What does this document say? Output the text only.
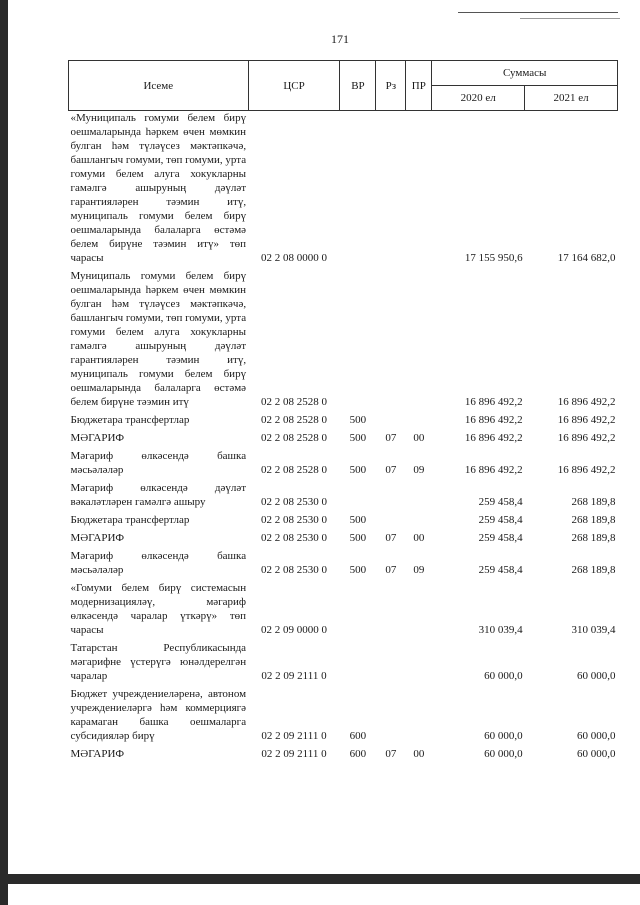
171
Исеме	ЦСР	ВР	Рз	ПР	Суммасы	
					2020 ел	2021 ел
«Муниципаль гомуми белем бирү оешмаларында һәркем өчен мөмкин булган һәм түләүсез мәктәпкәчә, башлангыч гомуми, төп гомуми, урта гомуми белем алуга хокукларны гамәлгә ашыруның дәүләт гарантияләрен тәэмин итү, муниципаль гомуми белем бирү оешмаларында балаларга өстәмә белем бирүне тәэмин итү» төп чарасы	02 2 08 0000 0				17 155 950,6	17 164 682,0
Муниципаль гомуми белем бирү оешмаларында һәркем өчен мөмкин булган һәм түләүсез мәктәпкәчә, башлангыч гомуми, төп гомуми, урта гомуми белем алуга хокукларны гамәлгә ашыруның дәүләт гарантияләрен тәэмин итү, муниципаль гомуми белем бирү оешмаларында балаларга өстәмә белем бирүне тәэмин итү	02 2 08 2528 0				16 896 492,2	16 896 492,2
Бюджетара трансфертлар	02 2 08 2528 0	500			16 896 492,2	16 896 492,2
МӘГАРИФ	02 2 08 2528 0	500	07	00	16 896 492,2	16 896 492,2
Мәгариф өлкәсендә башка мәсьәләләр	02 2 08 2528 0	500	07	09	16 896 492,2	16 896 492,2
Мәгариф өлкәсендә дәүләт вәкаләтләрен гамәлгә ашыру	02 2 08 2530 0				259 458,4	268 189,8
Бюджетара трансфертлар	02 2 08 2530 0	500			259 458,4	268 189,8
МӘГАРИФ	02 2 08 2530 0	500	07	00	259 458,4	268 189,8
Мәгариф өлкәсендә башка мәсьәләләр	02 2 08 2530 0	500	07	09	259 458,4	268 189,8
«Гомуми белем бирү системасын модернизацияләү, мәгариф өлкәсендә чаралар үткәрү» төп чарасы	02 2 09 0000 0				310 039,4	310 039,4
Татарстан Республикасында мәгарифне үстерүгә юнәлдерелгән чаралар	02 2 09 2111 0				60 000,0	60 000,0
Бюджет учреждениеләренә, автоном учреждениеләргә һәм коммерциягә карамаган башка оешмаларга субсидияләр бирү	02 2 09 2111 0	600			60 000,0	60 000,0
МӘГАРИФ	02 2 09 2111 0	600	07	00	60 000,0	60 000,0
